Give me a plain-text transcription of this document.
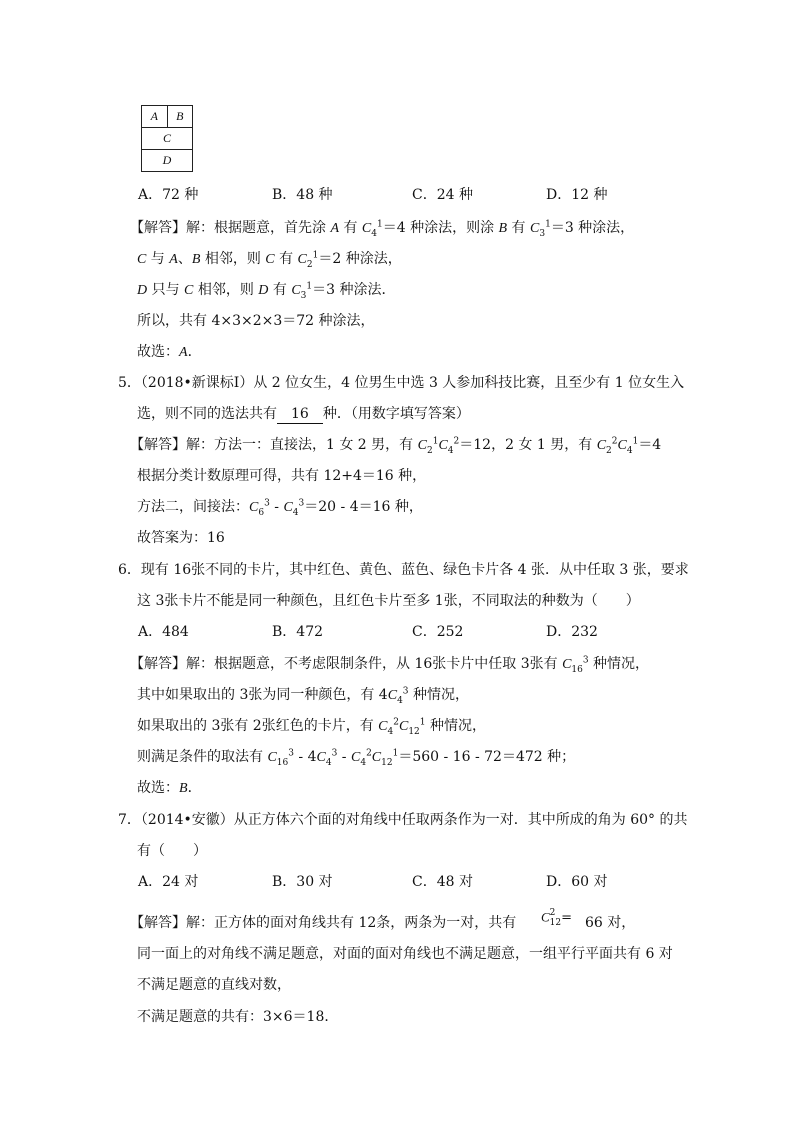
A	B
C
D
A．72 种	B．48 种	C．24 种	D．12 种
【解答】解：根据题意，首先涂 A 有 $C_4^1=4$ 种涂法，则涂 B 有 $C_3^1=3$ 种涂法，
C 与 A、B 相邻，则 C 有 $C_2^1=2$ 种涂法，
D 只与 C 相邻，则 D 有 $C_3^1=3$ 种涂法．
所以，共有 4×3×2×3＝72 种涂法，
故选：A．
5．（2018•新课标Ⅰ）从 2 位女生，4 位男生中选 3 人参加科技比赛，且至少有 1 位女生入
选，则不同的选法共有 16 种．（用数字填写答案）
【解答】解：方法一：直接法，1 女 2 男，有 $C_2^1C_4^2=12$，2 女 1 男，有 $C_2^2C_4^1=4$
根据分类计数原理可得，共有 12+4＝16 种，
方法二，间接法：$C_6^3 - C_4^3=20 - 4=16$ 种，
故答案为：16
6．现有 16张不同的卡片，其中红色、黄色、蓝色、绿色卡片各 4 张．从中任取 3 张，要求
这 3张卡片不能是同一种颜色，且红色卡片至多 1张，不同取法的种数为（　　）
A．484	B．472	C．252	D．232
【解答】解：根据题意，不考虑限制条件，从 16张卡片中任取 3张有 $C_{16}^3$ 种情况，
其中如果取出的 3张为同一种颜色，有 $4C_4^3$ 种情况，
如果取出的 3张有 2张红色的卡片，有 $C_4^2C_{12}^1$ 种情况，
则满足条件的取法有 $C_{16}^3 - 4C_4^3 - C_4^2C_{12}^1=560 - 16 - 72=472$ 种；
故选：B．
7．（2014•安徽）从正方体六个面的对角线中任取两条作为一对．其中所成的角为 60° 的共
有（　　）
A．24 对	B．30 对	C．48 对	D．60 对
【解答】解：正方体的面对角线共有 12条，两条为一对，共有 C 2
12 = 66 对，
同一面上的对角线不满足题意，对面的面对角线也不满足题意，一组平行平面共有 6 对
不满足题意的直线对数，
不满足题意的共有：3×6＝18．
